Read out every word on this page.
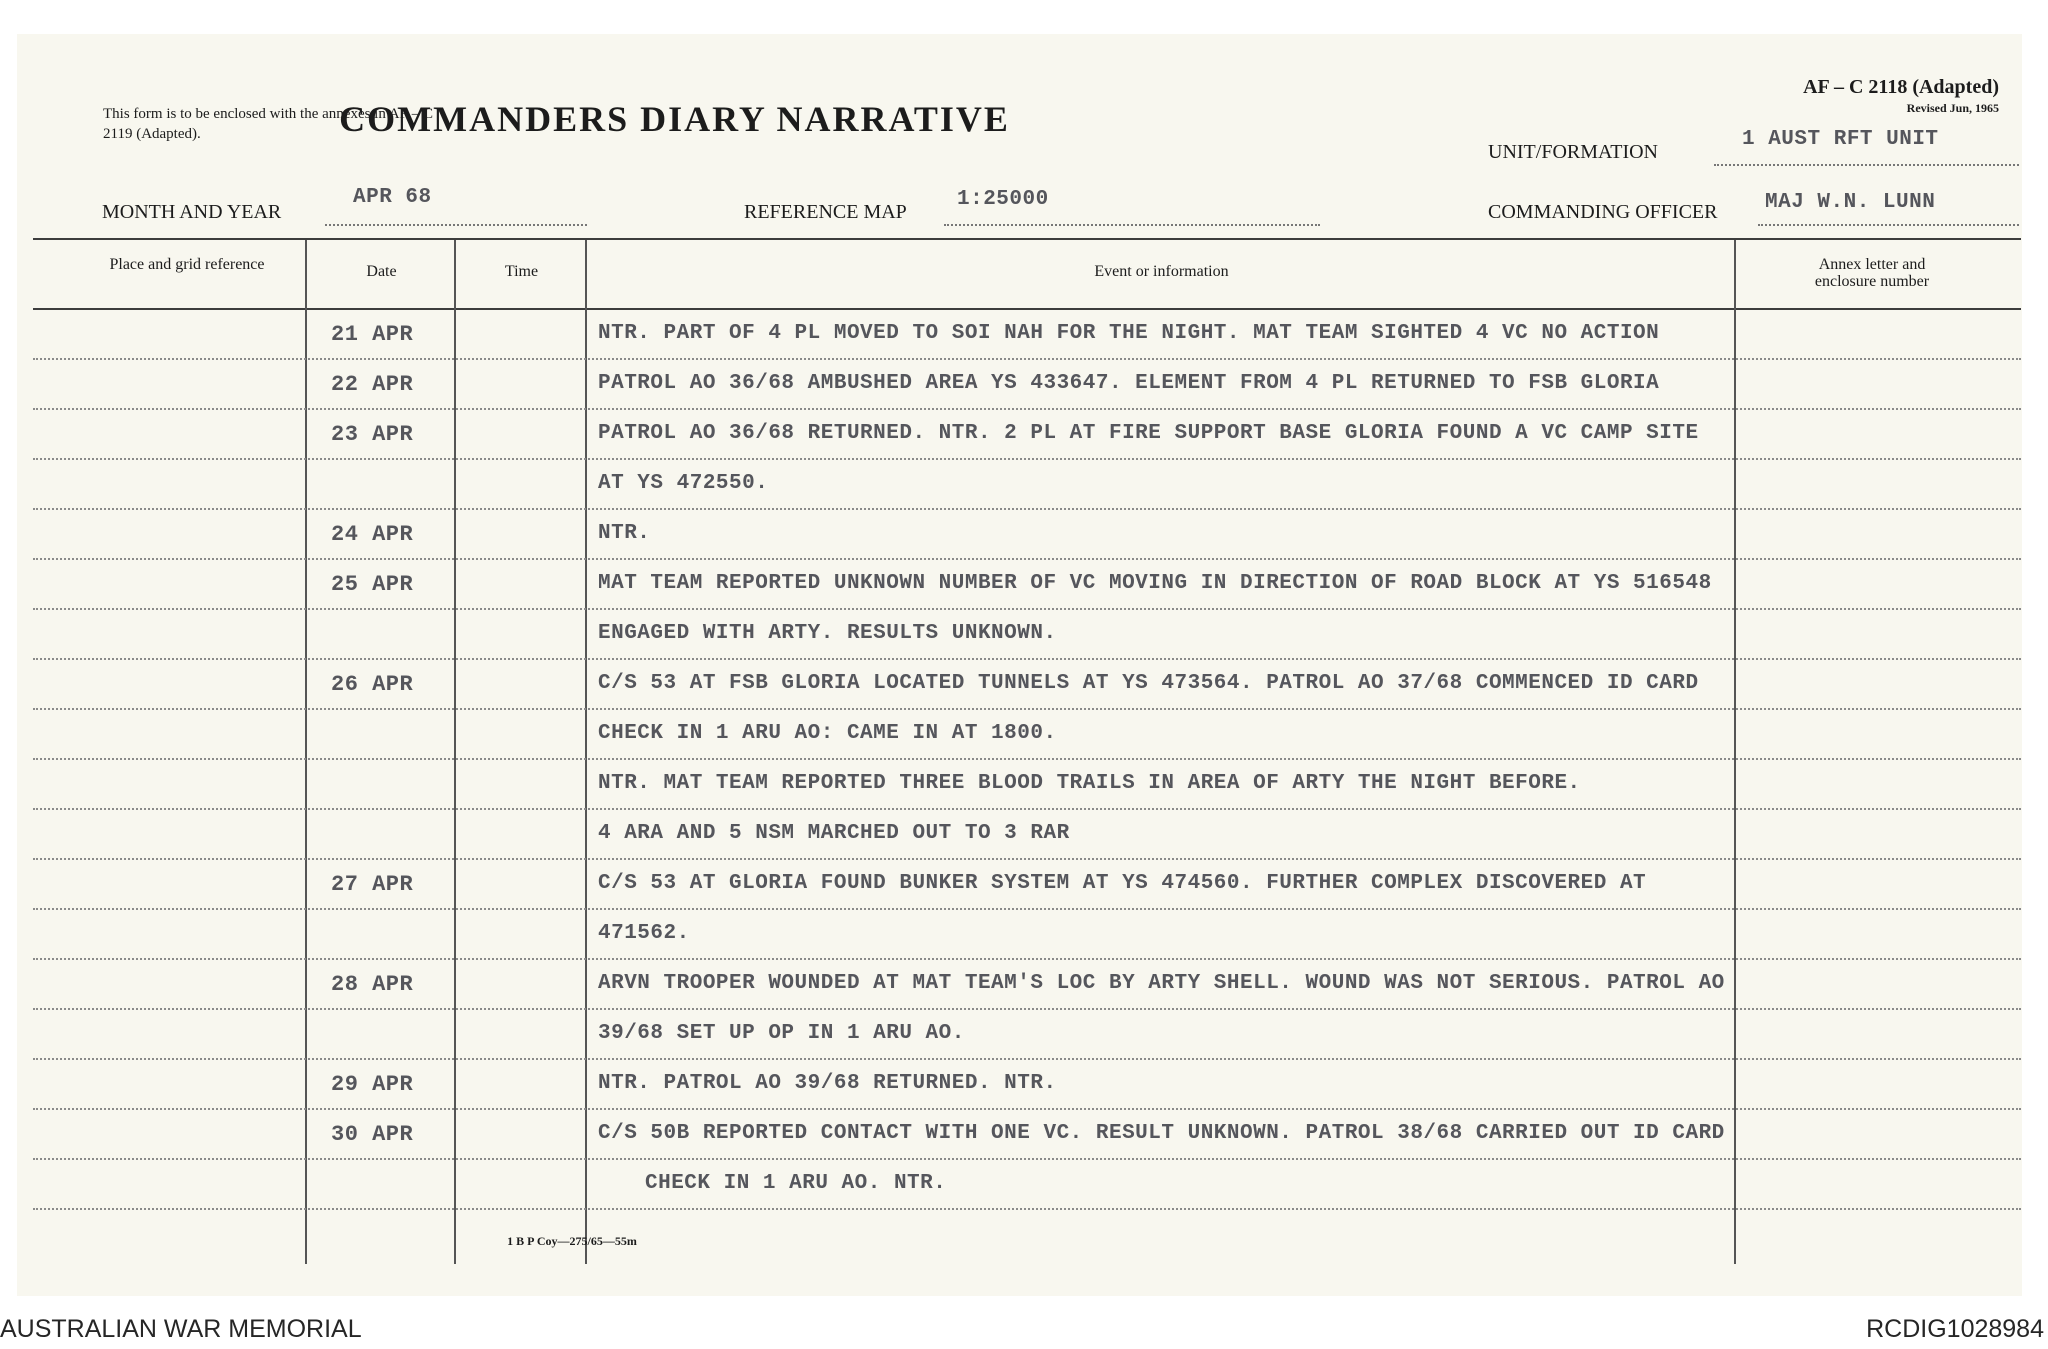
This form is to be enclosed with the annexes in AF – C 2119 (Adapted).	COMMANDERS DIARY NARRATIVE
AF – C 2118 (Adapted)
Revised Jun, 1965
UNIT/FORMATION
1 AUST RFT UNIT
MONTH AND YEAR
APR 68
REFERENCE MAP
1:25000
COMMANDING OFFICER MAJ W.N. LUNN
Place and grid reference	Date	Time	Event or information	Annex letter and enclosure number
21 APR	NTR. PART OF 4 PL MOVED TO SOI NAH FOR THE NIGHT. MAT TEAM SIGHTED 4 VC NO ACTION
22 APR	PATROL AO 36/68 AMBUSHED AREA YS 433647. ELEMENT FROM 4 PL RETURNED TO FSB GLORIA
23 APR	PATROL AO 36/68 RETURNED. NTR. 2 PL AT FIRE SUPPORT BASE GLORIA FOUND A VC CAMP SITE
AT YS 472550.
24 APR	NTR.
25 APR	MAT TEAM REPORTED UNKNOWN NUMBER OF VC MOVING IN DIRECTION OF ROAD BLOCK AT YS 516548
ENGAGED WITH ARTY. RESULTS UNKNOWN.
26 APR	C/S 53 AT FSB GLORIA LOCATED TUNNELS AT YS 473564. PATROL AO 37/68 COMMENCED ID CARD
CHECK IN 1 ARU AO: CAME IN AT 1800.
NTR. MAT TEAM REPORTED THREE BLOOD TRAILS IN AREA OF ARTY THE NIGHT BEFORE.
4 ARA AND 5 NSM MARCHED OUT TO 3 RAR
27 APR	C/S 53 AT GLORIA FOUND BUNKER SYSTEM AT YS 474560. FURTHER COMPLEX DISCOVERED AT
471562.
28 APR	ARVN TROOPER WOUNDED AT MAT TEAM'S LOC BY ARTY SHELL. WOUND WAS NOT SERIOUS. PATROL AO
39/68 SET UP OP IN 1 ARU AO.
29 APR	NTR. PATROL AO 39/68 RETURNED. NTR.
30 APR	C/S 50B REPORTED CONTACT WITH ONE VC. RESULT UNKNOWN. PATROL 38/68 CARRIED OUT ID CARD
CHECK IN 1 ARU AO. NTR.
1 B P Coy—275/65—55m
AUSTRALIAN WAR MEMORIAL	RCDIG1028984
